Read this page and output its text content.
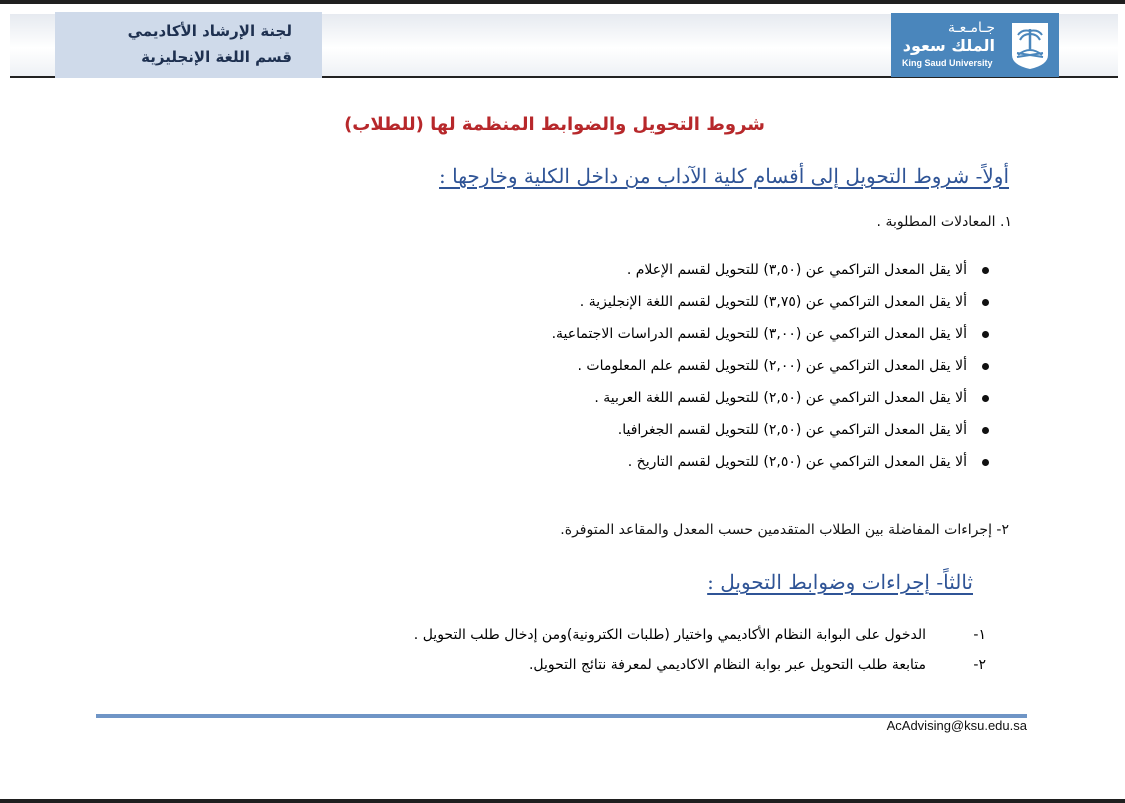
لجنة الإرشاد الأكاديمي
قسم اللغة الإنجليزية
جـامـعـة
الملك سعود
King Saud University
شروط التحويل والضوابط المنظمة لها (للطلاب)
أولاً- شروط التحويل إلى أقسام كلية الآداب من داخل الكلية وخارجها :
١. المعادلات المطلوبة .
ألا يقل المعدل التراكمي عن (٣,٥٠) للتحويل لقسم الإعلام .
ألا يقل المعدل التراكمي عن (٣,٧٥) للتحويل لقسم اللغة الإنجليزية .
ألا يقل المعدل التراكمي عن (٣,٠٠) للتحويل لقسم الدراسات الاجتماعية.
ألا يقل المعدل التراكمي عن (٢,٠٠) للتحويل لقسم علم المعلومات .
ألا يقل المعدل التراكمي عن (٢,٥٠) للتحويل لقسم اللغة العربية .
ألا يقل المعدل التراكمي عن (٢,٥٠) للتحويل لقسم الجغرافيا.
ألا يقل المعدل التراكمي عن (٢,٥٠) للتحويل لقسم التاريخ .
٢- إجراءات المفاضلة بين الطلاب المتقدمين حسب المعدل والمقاعد المتوفرة.
ثالثاً- إجراءات وضوابط التحويل :
١-
الدخول على البوابة النظام الأكاديمي واختيار (طلبات الكترونية)ومن إدخال طلب التحويل .
٢-
متابعة طلب التحويل عبر بوابة النظام الاكاديمي لمعرفة نتائج التحويل.
AcAdvising@ksu.edu.sa
